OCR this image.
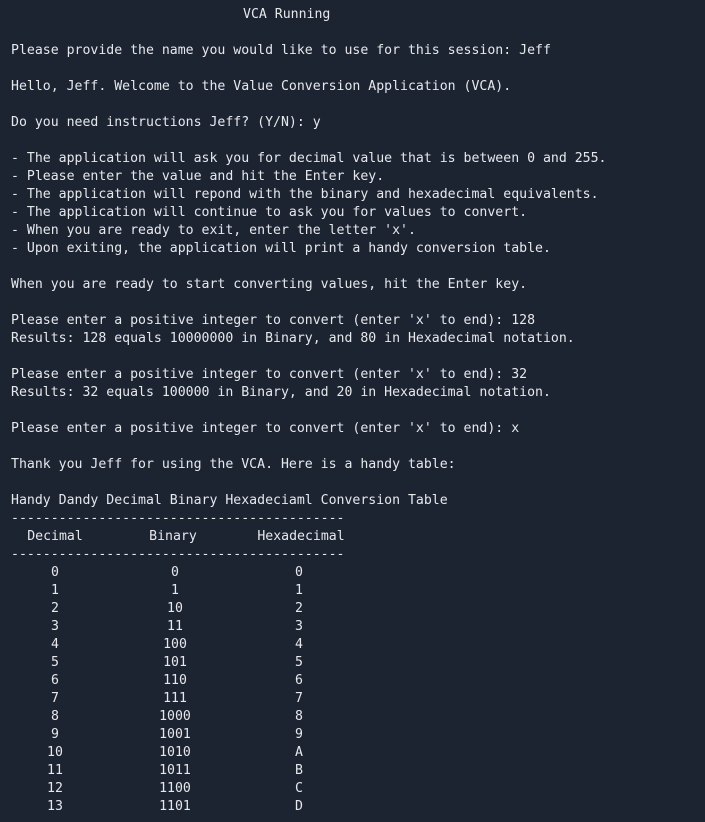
VCA Running
Please provide the name you would like to use for this session: Jeff
Hello, Jeff. Welcome to the Value Conversion Application (VCA).
Do you need instructions Jeff? (Y/N): y
- The application will ask you for decimal value that is between 0 and 255.
- Please enter the value and hit the Enter key.
- The application will repond with the binary and hexadecimal equivalents.
- The application will continue to ask you for values to convert.
- When you are ready to exit, enter the letter 'x'.
- Upon exiting, the application will print a handy conversion table.
When you are ready to start converting values, hit the Enter key.
Please enter a positive integer to convert (enter 'x' to end): 128
Results: 128 equals 10000000 in Binary, and 80 in Hexadecimal notation.
Please enter a positive integer to convert (enter 'x' to end): 32
Results: 32 equals 100000 in Binary, and 20 in Hexadecimal notation.
Please enter a positive integer to convert (enter 'x' to end): x
Thank you Jeff for using the VCA. Here is a handy table:
Handy Dandy Decimal Binary Hexadeciaml Conversion Table
------------------------------------------
Decimal	Binary	Hexadecimal
------------------------------------------
0	0	0
1	1	1
2	10	2
3	11	3
4	100	4
5	101	5
6	110	6
7	111	7
8	1000	8
9	1001	9
10	1010	A
11	1011	B
12	1100	C
13	1101	D
